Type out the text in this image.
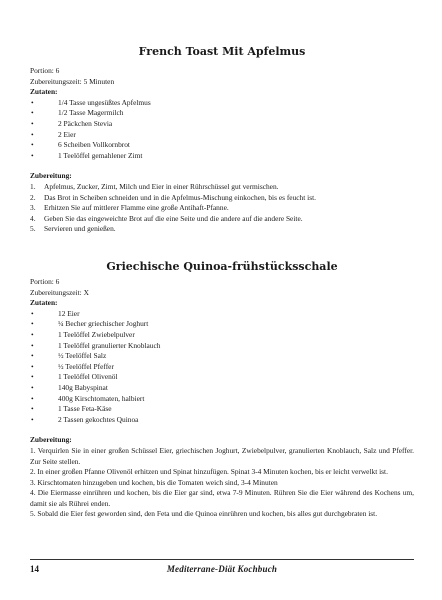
French Toast Mit Apfelmus

Portion: 6

Zubereitungszeit: 5 Minuten

Zutaten:

• 1/4 Tasse ungesüßtes Apfelmus
• 1/2 Tasse Magermilch
• 2 Päckchen Stevia
• 2 Eier
• 6 Scheiben Vollkornbrot
• 1 Teelöffel gemahlener Zimt

Zubereitung:

1.	Apfelmus, Zucker, Zimt, Milch und Eier in einer Rührschüssel gut vermischen.
2.	Das Brot in Scheiben schneiden und in die Apfelmus-Mischung einkochen, bis es feucht ist.
3.	Erhitzen Sie auf mittlerer Flamme eine große Antihaft-Pfanne.
4.	Geben Sie das eingeweichte Brot auf die eine Seite und die andere auf die andere Seite.
5.	Servieren und genießen.
Griechische Quinoa-frühstücksschale

Portion: 6

Zubereitungszeit: X

Zutaten:

• 12 Eier
• ¼ Becher griechischer Joghurt
• 1 Teelöffel Zwiebelpulver
• 1 Teelöffel granulierter Knoblauch
• ½ Teelöffel Salz
• ½ Teelöffel Pfeffer
• 1 Teelöffel Olivenöl
• 140g Babyspinat
• 400g Kirschtomaten, halbiert
• 1 Tasse Feta-Käse
• 2 Tassen gekochtes Quinoa

Zubereitung:

1. Verquirlen Sie in einer großen Schüssel Eier, griechischen Joghurt, Zwiebelpulver, granulierten Knoblauch, Salz und Pfeffer. Zur Seite stellen.

2. In einer großen Pfanne Olivenöl erhitzen und Spinat hinzufügen. Spinat 3-4 Minuten kochen, bis er leicht verwelkt ist.

3. Kirschtomaten hinzugeben und kochen, bis die Tomaten weich sind, 3-4 Minuten

4. Die Eiermasse einrühren und kochen, bis die Eier gar sind, etwa 7-9 Minuten. Rühren Sie die Eier während des Kochens um, damit sie als Rührei enden.

5. Sobald die Eier fest geworden sind, den Feta und die Quinoa einrühren und kochen, bis alles gut durchgebraten ist.

14	Mediterrane-Diät Kochbuch
